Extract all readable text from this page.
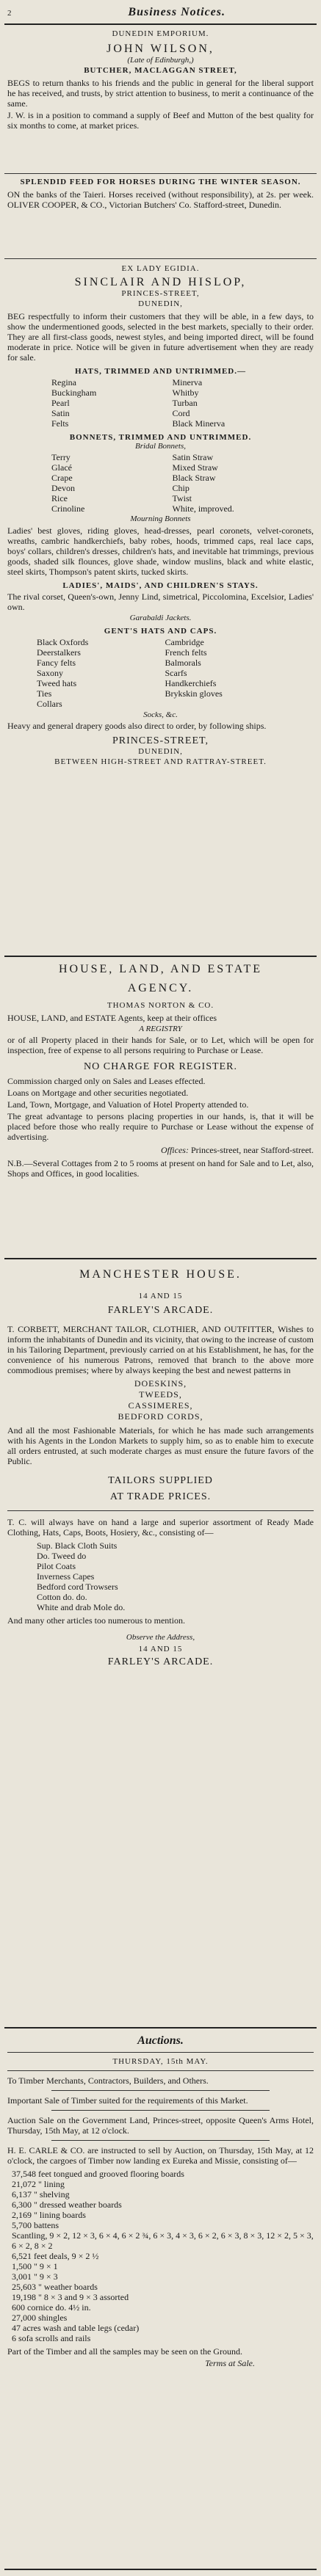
2	Business Notices.
DUNEDIN EMPORIUM.
JOHN WILSON,
(Late of Edinburgh,)
BUTCHER, MACLAGGAN STREET,

BEGS to return thanks to his friends and the public in general for the liberal support he has received, and trusts, by strict attention to business, to merit a continuance of the same.

J. W. is in a position to command a supply of Beef and Mutton of the best quality for six months to come, at market prices.

SPLENDID FEED FOR HORSES DURING THE WINTER SEASON.

ON the banks of the Taieri. Horses received (without responsibility), at 2s. per week. OLIVER COOPER, & CO., Victorian Butchers' Co. Stafford-street, Dunedin.

EX LADY EGIDIA.
SINCLAIR AND HISLOP,
PRINCES-STREET,
DUNEDIN,

BEG respectfully to inform their customers that they will be able, in a few days, to show the undermentioned goods, selected in the best markets, specially to their order. They are all first-class goods, newest styles, and being imported direct, will be found moderate in price. Notice will be given in future advertisement when they are ready for sale.

HATS, TRIMMED AND UNTRIMMED.—
Regina	Minerva
Buckingham	Whitby
Pearl	Turban
Satin	Cord
Felts	Black Minerva
BONNETS, TRIMMED AND UNTRIMMED.
Bridal Bonnets,
Terry	Satin Straw
Glacé	Mixed Straw
Crape	Black Straw
Devon	Chip
Rice	Twist
Crinoline	White, improved.
Mourning Bonnets

Ladies' best gloves, riding gloves, head-dresses, pearl coronets, velvet-coronets, wreaths, cambric handkerchiefs, baby robes, hoods, trimmed caps, real lace caps, boys' collars, children's dresses, children's hats, and inevitable hat trimmings, previous goods, shaded silk flounces, glove shade, window muslins, black and white elastic, steel skirts, Thompson's patent skirts, tucked skirts.

LADIES', MAIDS', AND CHILDREN'S STAYS.

The rival corset, Queen's-own, Jenny Lind, simetrical, Piccolomina, Excelsior, Ladies' own.

Garabaldi Jackets.
GENT'S HATS AND CAPS.
Black Oxfords	Cambridge
Deerstalkers	French felts
Fancy felts	Balmorals
Saxony	Scarfs
Tweed hats	Handkerchiefs
Ties	Brykskin gloves
Collars
Socks, &c.

Heavy and general drapery goods also direct to order, by following ships.

PRINCES-STREET,
DUNEDIN,
BETWEEN HIGH-STREET AND RATTRAY-STREET.
HOUSE, LAND, AND ESTATE
AGENCY.
THOMAS NORTON & CO.

HOUSE, LAND, and ESTATE Agents, keep at their offices

A REGISTRY

or of all Property placed in their hands for Sale, or to Let, which will be open for inspection, free of expense to all persons requiring to Purchase or Lease.

NO CHARGE FOR REGISTER.

Commission charged only on Sales and Leases effected.

Loans on Mortgage and other securities negotiated.

Land, Town, Mortgage, and Valuation of Hotel Property attended to.

The great advantage to persons placing properties in our hands, is, that it will be placed before those who really require to Purchase or Lease without the expense of advertising.

Offices: Princes-street, near Stafford-street.

N.B.—Several Cottages from 2 to 5 rooms at present on hand for Sale and to Let, also, Shops and Offices, in good localities.

MANCHESTER HOUSE.
14 AND 15
FARLEY'S ARCADE.

T. CORBETT, MERCHANT TAILOR, CLOTHIER, AND OUTFITTER, Wishes to inform the inhabitants of Dunedin and its vicinity, that owing to the increase of custom in his Tailoring Department, previously carried on at his Establishment, he has, for the convenience of his numerous Patrons, removed that branch to the above more commodious premises; where by always keeping the best and newest patterns in

DOESKINS,
TWEEDS,
CASSIMERES,
BEDFORD CORDS,

And all the most Fashionable Materials, for which he has made such arrangements with his Agents in the London Markets to supply him, so as to enable him to execute all orders entrusted, at such moderate charges as must ensure the future favors of the Public.

TAILORS SUPPLIED
AT TRADE PRICES.

T. C. will always have on hand a large and superior assortment of Ready Made Clothing, Hats, Caps, Boots, Hosiery, &c., consisting of—

Sup. Black Cloth Suits
Do. Tweed do
Pilot Coats
Inverness Capes
Bedford cord Trowsers
Cotton do. do.
White and drab Mole do.

And many other articles too numerous to mention.

Observe the Address,
14 AND 15
FARLEY'S ARCADE.
Auctions.
THURSDAY, 15th MAY.

To Timber Merchants, Contractors, Builders, and Others.

Important Sale of Timber suited for the requirements of this Market.

Auction Sale on the Government Land, Princes-street, opposite Queen's Arms Hotel, Thursday, 15th May, at 12 o'clock.

H. E. CARLE & CO. are instructed to sell by Auction, on Thursday, 15th May, at 12 o'clock, the cargoes of Timber now landing ex Eureka and Missie, consisting of—

37,548 feet tongued and grooved flooring boards
21,072 " lining
6,137 " shelving
6,300 " dressed weather boards
2,169 " lining boards
5,700 battens
Scantling, 9 × 2, 12 × 3, 6 × 4, 6 × 2 ¾, 6 × 3, 4 × 3, 6 × 2, 6 × 3, 8 × 3, 12 × 2, 5 × 3, 6 × 2, 8 × 2
6,521 feet deals, 9 × 2 ½
1,500 " 9 × 1
3,001 " 9 × 3
25,603 " weather boards
19,198 " 8 × 3 and 9 × 3 assorted
600 cornice do. 4½ in.
27,000 shingles
47 acres wash and table legs (cedar)
6 sofa scrolls and rails

Part of the Timber and all the samples may be seen on the Ground.

Terms at Sale.
